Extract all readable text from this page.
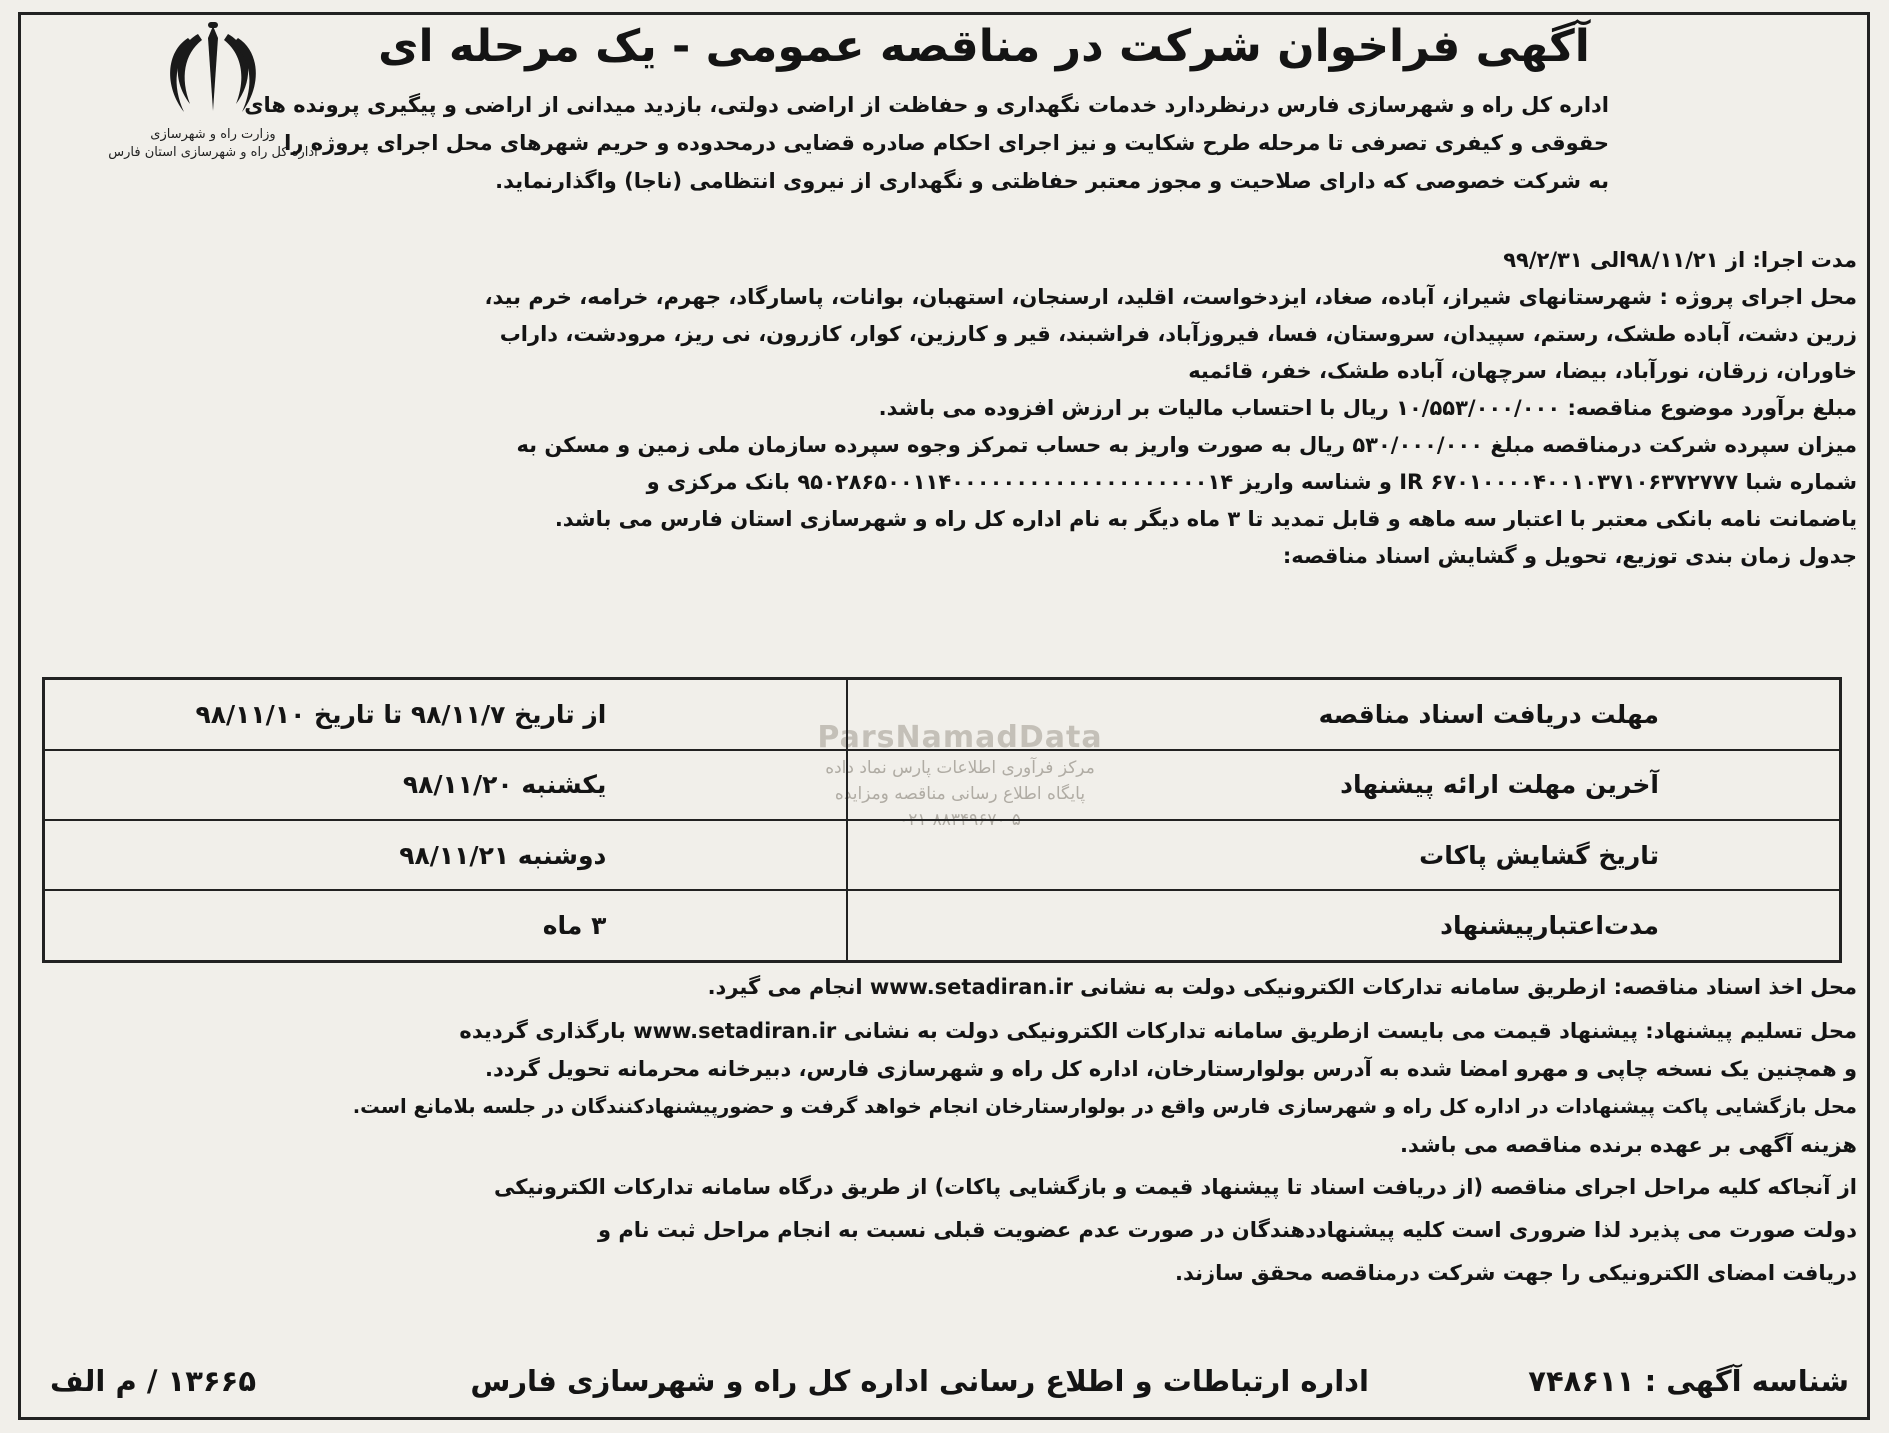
وزارت راه و شهرسازی
اداره کل راه و شهرسازی استان فارس
آگهی فراخوان شرکت در مناقصه عمومی - یک مرحله ای
اداره کل راه و شهرسازی فارس درنظردارد خدمات نگهداری و حفاظت از اراضی دولتی، بازدید میدانی از اراضی و پیگیری پرونده های
حقوقی و کیفری تصرفی تا مرحله طرح شکایت و نیز اجرای احکام صادره قضایی درمحدوده و حریم شهرهای محل اجرای پروژه را
به شرکت خصوصی که دارای صلاحیت و مجوز معتبر حفاظتی و نگهداری از نیروی انتظامی (ناجا) واگذارنماید.
مدت اجرا: از ۹۸/۱۱/۲۱الی ۹۹/۲/۳۱
محل اجرای پروژه : شهرستانهای شیراز، آباده، صغاد، ایزدخواست، اقلید، ارسنجان، استهبان، بوانات، پاسارگاد، جهرم، خرامه، خرم بید،
زرین دشت، آباده طشک، رستم، سپیدان، سروستان، فسا، فیروزآباد، فراشبند، قیر و کارزین، کوار، کازرون، نی ریز، مرودشت، داراب
خاوران، زرقان، نورآباد، بیضا، سرچهان، آباده طشک، خفر، قائمیه
مبلغ برآورد موضوع مناقصه: ۱۰/۵۵۳/۰۰۰/۰۰۰ ریال با احتساب مالیات بر ارزش افزوده می باشد.
میزان سپرده شرکت درمناقصه مبلغ ۵۳۰/۰۰۰/۰۰۰ ریال به صورت واریز به حساب تمرکز وجوه سپرده سازمان ملی زمین و مسکن به
شماره شبا IR ۶۷۰۱۰۰۰۰۴۰۰۱۰۳۷۱۰۶۳۷۲۷۷۷ و شناسه واریز ۹۵۰۲۸۶۵۰۰۱۱۴۰۰۰۰۰۰۰۰۰۰۰۰۰۰۰۰۰۰۰۰۱۴ بانک مرکزی و
یاضمانت نامه بانکی معتبر با اعتبار سه ماهه و قابل تمدید تا ۳ ماه دیگر به نام اداره کل راه و شهرسازی استان فارس می باشد.
جدول زمان بندی توزیع، تحویل و گشایش اسناد مناقصه:
ParsNamadData
مرکز فرآوری اطلاعات پارس نماد داده
پایگاه اطلاع رسانی مناقصه ومزایده
۰۲۱-۸۸۳۴۹۶۷۰-۵
مهلت دریافت اسناد مناقصه	از تاریخ ۹۸/۱۱/۷ تا تاریخ ۹۸/۱۱/۱۰
آخرین مهلت ارائه پیشنهاد	یکشنبه ۹۸/۱۱/۲۰
تاریخ گشایش پاکات	دوشنبه ۹۸/۱۱/۲۱
مدت‌اعتبارپیشنهاد	۳ ماه
محل اخذ اسناد مناقصه: ازطریق سامانه تدارکات الکترونیکی دولت به نشانی www.setadiran.ir انجام می گیرد.
محل تسلیم پیشنهاد: پیشنهاد قیمت می بایست ازطریق سامانه تدارکات الکترونیکی دولت به نشانی www.setadiran.ir بارگذاری گردیده
و همچنین یک نسخه چاپی و مهرو امضا شده به آدرس بولوارستارخان، اداره کل راه و شهرسازی فارس، دبیرخانه محرمانه تحویل گردد.
محل بازگشایی پاکت پیشنهادات در اداره کل راه و شهرسازی فارس واقع در بولوارستارخان انجام خواهد گرفت و حضورپیشنهادکنندگان در جلسه بلامانع است.
هزینه آگهی بر عهده برنده مناقصه می باشد.
از آنجاکه کلیه مراحل اجرای مناقصه (از دریافت اسناد تا پیشنهاد قیمت و بازگشایی پاکات) از طریق درگاه سامانه تدارکات الکترونیکی
دولت صورت می پذیرد لذا ضروری است کلیه پیشنهاددهندگان در صورت عدم عضویت قبلی نسبت به انجام مراحل ثبت نام و
دریافت امضای الکترونیکی را جهت شرکت درمناقصه محقق سازند.
شناسه آگهی : ۷۴۸۶۱۱
اداره ارتباطات و اطلاع رسانی اداره کل راه و شهرسازی فارس
۱۳۶۶۵ / م الف
